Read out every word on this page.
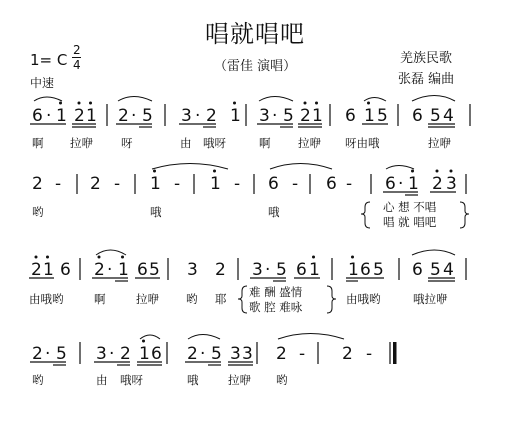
唱就唱吧
（雷佳 演唱）
1= C
2
4
中速
羌族民歌
张磊 编曲
6 · 1 2 1 2 · 5 3 · 2 1 3 · 5 2 1 6 1 5 6 5 4
啊 拉咿 呀	由 哦呀	啊 拉咿 呀由哦	拉咿
2 - 2 - 1 - 1 - 6 - 6 - 6 · 1 2 3
哟	哦	哦	心 想 不唱
唱 就 唱吧
2 1 6 2 · 1 6 5 3 2 3 · 5 6 1 1 6 5 6 5 4
由哦哟	啊	拉咿 哟 耶 难 酬 盛情
歌 腔 难咏
由哦哟	哦拉咿
2 · 5 3 · 2 1 6 2 · 5 3 3 2 - 2 -
哟	由 哦呀	哦	拉咿 哟
